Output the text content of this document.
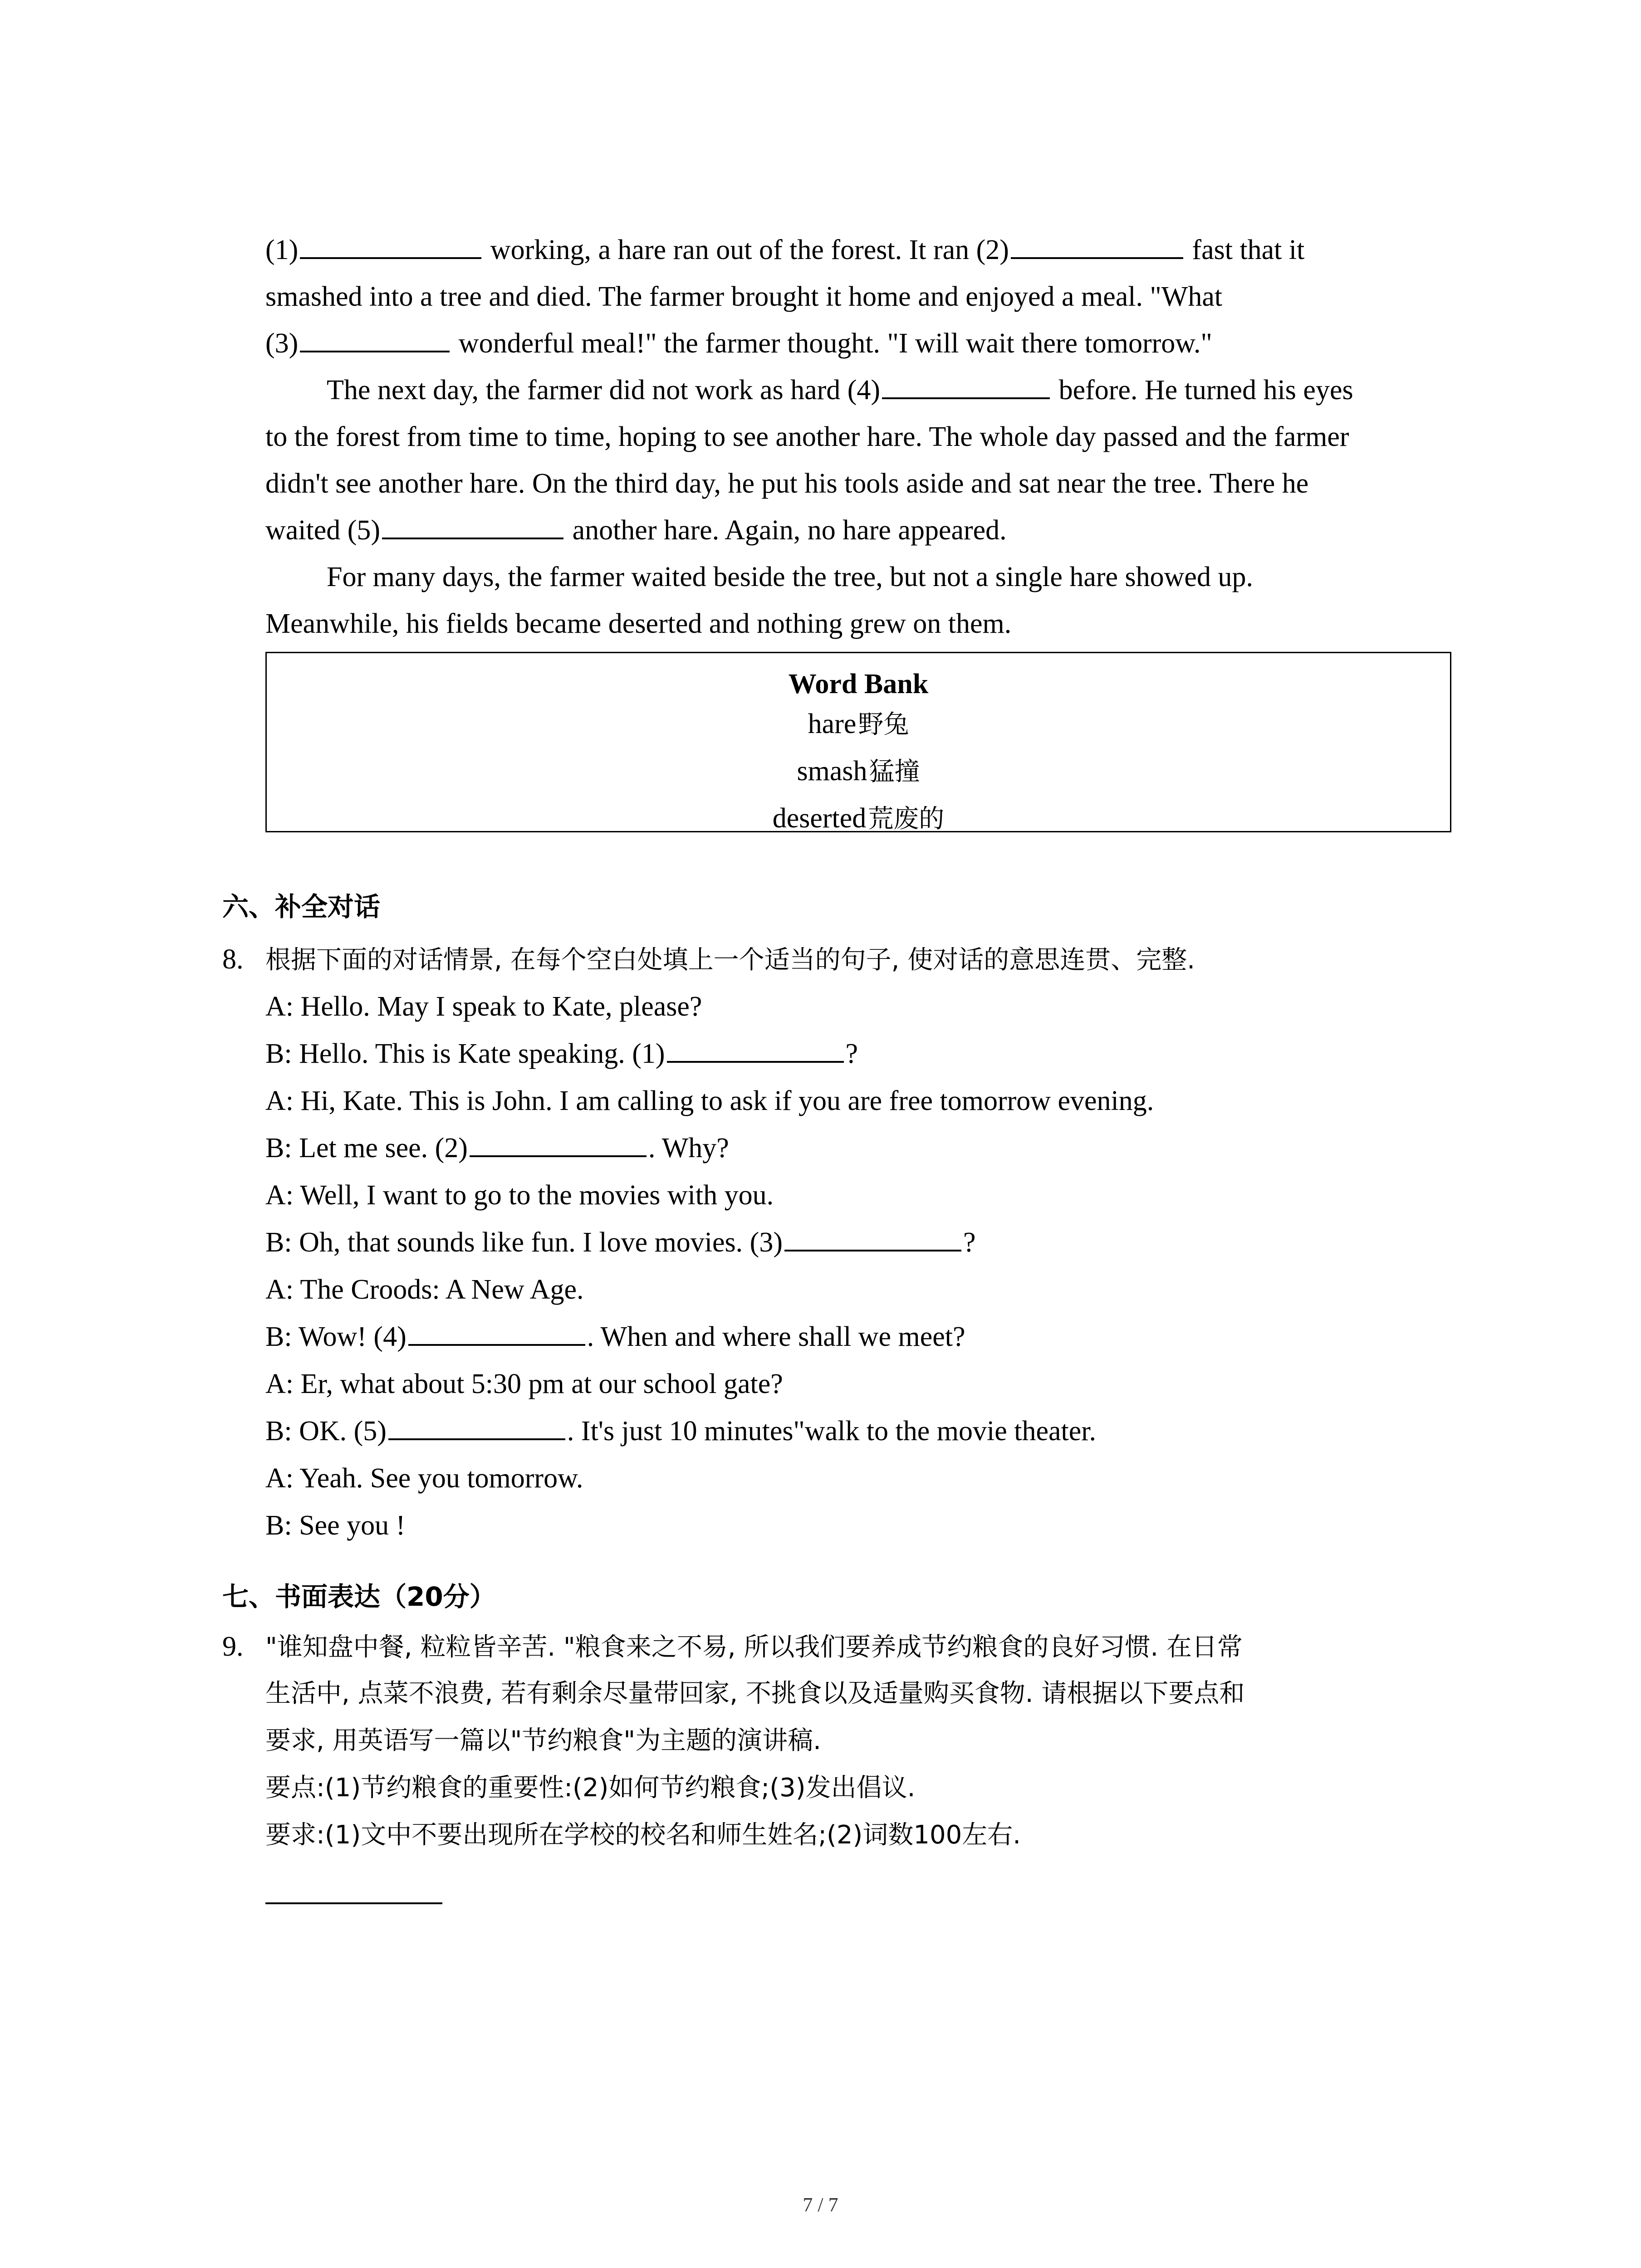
(1)	working, a hare ran out of the forest. It ran (2)	fast that it
smashed into a tree and died. The farmer brought it home and enjoyed a meal. "What
(3)	wonderful meal!" the farmer thought. "I will wait there tomorrow."
The next day, the farmer did not work as hard (4)	before. He turned his eyes
to the forest from time to time, hoping to see another hare. The whole day passed and the farmer
didn't see another hare. On the third day, he put his tools aside and sat near the tree. There he
waited (5)	another hare. Again, no hare appeared.
For many days, the farmer waited beside the tree, but not a single hare showed up.
Meanwhile, his fields became deserted and nothing grew on them.
Word Bank
hare 野兔
smash 猛撞
deserted 荒废的
六、补全对话
8. 根据下面的对话情景, 在每个空白处填上一个适当的句子, 使对话的意思连贯、完整.
A: Hello. May I speak to Kate, please?
B: Hello. This is Kate speaking. (1)	?
A: Hi, Kate. This is John. I am calling to ask if you are free tomorrow evening.
B: Let me see. (2)	. Why?
A: Well, I want to go to the movies with you.
B: Oh, that sounds like fun. I love movies. (3)	?
A: The Croods: A New Age.
B: Wow! (4)	. When and where shall we meet?
A: Er, what about 5:30 pm at our school gate?
B: OK. (5)	. It's just 10 minutes"walk to the movie theater.
A: Yeah. See you tomorrow.
B: See you !
七、书面表达（20分）
9. "谁知盘中餐, 粒粒皆辛苦. "粮食来之不易, 所以我们要养成节约粮食的良好习惯. 在日常
生活中, 点菜不浪费, 若有剩余尽量带回家, 不挑食以及适量购买食物. 请根据以下要点和
要求, 用英语写一篇以"节约粮食"为主题的演讲稿.
要点:(1)节约粮食的重要性:(2)如何节约粮食;(3)发出倡议.
要求:(1)文中不要出现所在学校的校名和师生姓名;(2)词数100左右.
7 / 7
